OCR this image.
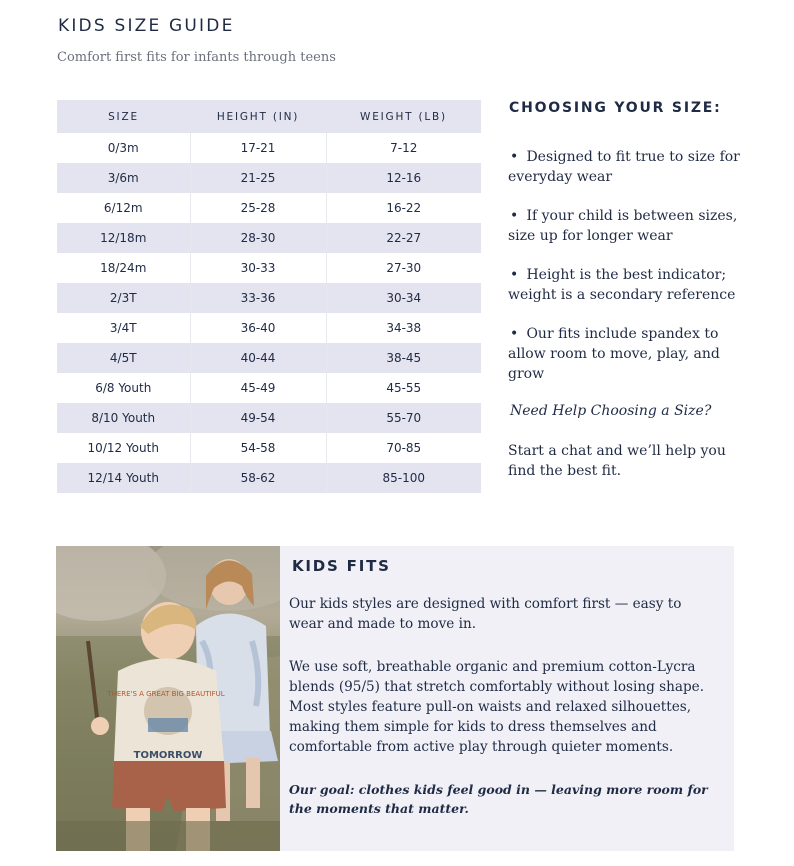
KIDS SIZE GUIDE

Comfort first fits for infants through teens

SIZE	HEIGHT (IN)	WEIGHT (LB)
0/3m	17-21	7-12
3/6m	21-25	12-16
6/12m	25-28	16-22
12/18m	28-30	22-27
18/24m	30-33	27-30
2/3T	33-36	30-34
3/4T	36-40	34-38
4/5T	40-44	38-45
6/8 Youth	45-49	45-55
8/10 Youth	49-54	55-70
10/12 Youth	54-58	70-85
12/14 Youth	58-62	85-100
CHOOSING YOUR SIZE:
• Designed to fit true to size for everyday wear
• If your child is between sizes, size up for longer wear
• Height is the best indicator; weight is a secondary reference
• Our fits include spandex to allow room to move, play, and grow

Need Help Choosing a Size?

Start a chat and we’ll help you find the best fit.

THERE'S A GREAT BIG BEAUTIFUL
TOMORROW
KIDS FITS

Our kids styles are designed with comfort first — easy to wear and made to move in.

We use soft, breathable organic and premium cotton-Lycra blends (95/5) that stretch comfortably without losing shape. Most styles feature pull-on waists and relaxed silhouettes, making them simple for kids to dress themselves and comfortable from active play through quieter moments.

Our goal: clothes kids feel good in — leaving more room for the moments that matter.
